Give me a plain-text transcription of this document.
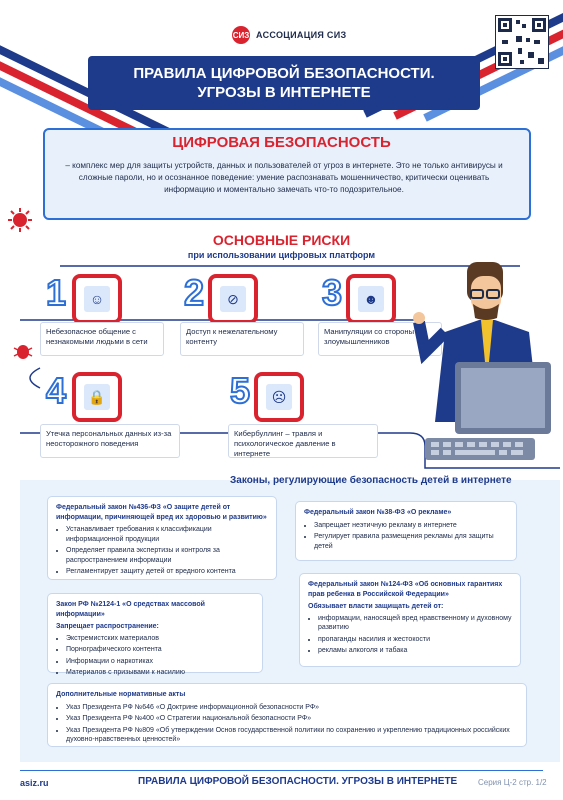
СИЗ АССОЦИАЦИЯ СИЗ
ПРАВИЛА ЦИФРОВОЙ БЕЗОПАСНОСТИ.
УГРОЗЫ В ИНТЕРНЕТЕ
ЦИФРОВАЯ БЕЗОПАСНОСТЬ
– комплекс мер для защиты устройств, данных и пользователей от угроз в интернете. Это не только антивирусы и сложные пароли, но и осознанное поведение: умение распознавать мошенничество, критически оценивать информацию и моментально замечать что-то подозрительное.
ОСНОВНЫЕ РИСКИ
при использовании цифровых платформ
1	☺
Небезопасное общение с незнакомыми людьми в сети
2	⊘
Доступ к нежелательному контенту
3	☻
Манипуляции со стороны злоумышленников
4	🔒
Утечка персональных данных из-за неосторожного поведения
5	☹
Кибербуллинг – травля и психологическое давление в интернете
Законы, регулирующие безопасность детей в интернете
Федеральный закон №436-ФЗ «О защите детей от информации, причиняющей вред их здоровью и развитию»
• Устанавливает требования к классификации информационной продукции
• Определяет правила экспертизы и контроля за распространением информации
• Регламентирует защиту детей от вредного контента
Федеральный закон №38-ФЗ «О рекламе»
• Запрещает неэтичную рекламу в интернете
• Регулирует правила размещения рекламы для защиты детей
Закон РФ №2124-1 «О средствах массовой информации»
Запрещает распространение:
• Экстремистских материалов
• Порнографического контента
• Информации о наркотиках
• Материалов с призывами к насилию
Федеральный закон №124-ФЗ «Об основных гарантиях прав ребенка в Российской Федерации»
Обязывает власти защищать детей от:
• информации, наносящей вред нравственному и духовному развитию
• пропаганды насилия и жестокости
• рекламы алкоголя и табака
Дополнительные нормативные акты
• Указ Президента РФ №646 «О Доктрине информационной безопасности РФ»
• Указ Президента РФ №400 «О Стратегии национальной безопасности РФ»
• Указ Президента РФ №809 «Об утверждении Основ государственной политики по сохранению и укреплению традиционных российских духовно-нравственных ценностей»
asiz.ru	ПРАВИЛА ЦИФРОВОЙ БЕЗОПАСНОСТИ. УГРОЗЫ В ИНТЕРНЕТЕ	Серия Ц-2 стр. 1/2
